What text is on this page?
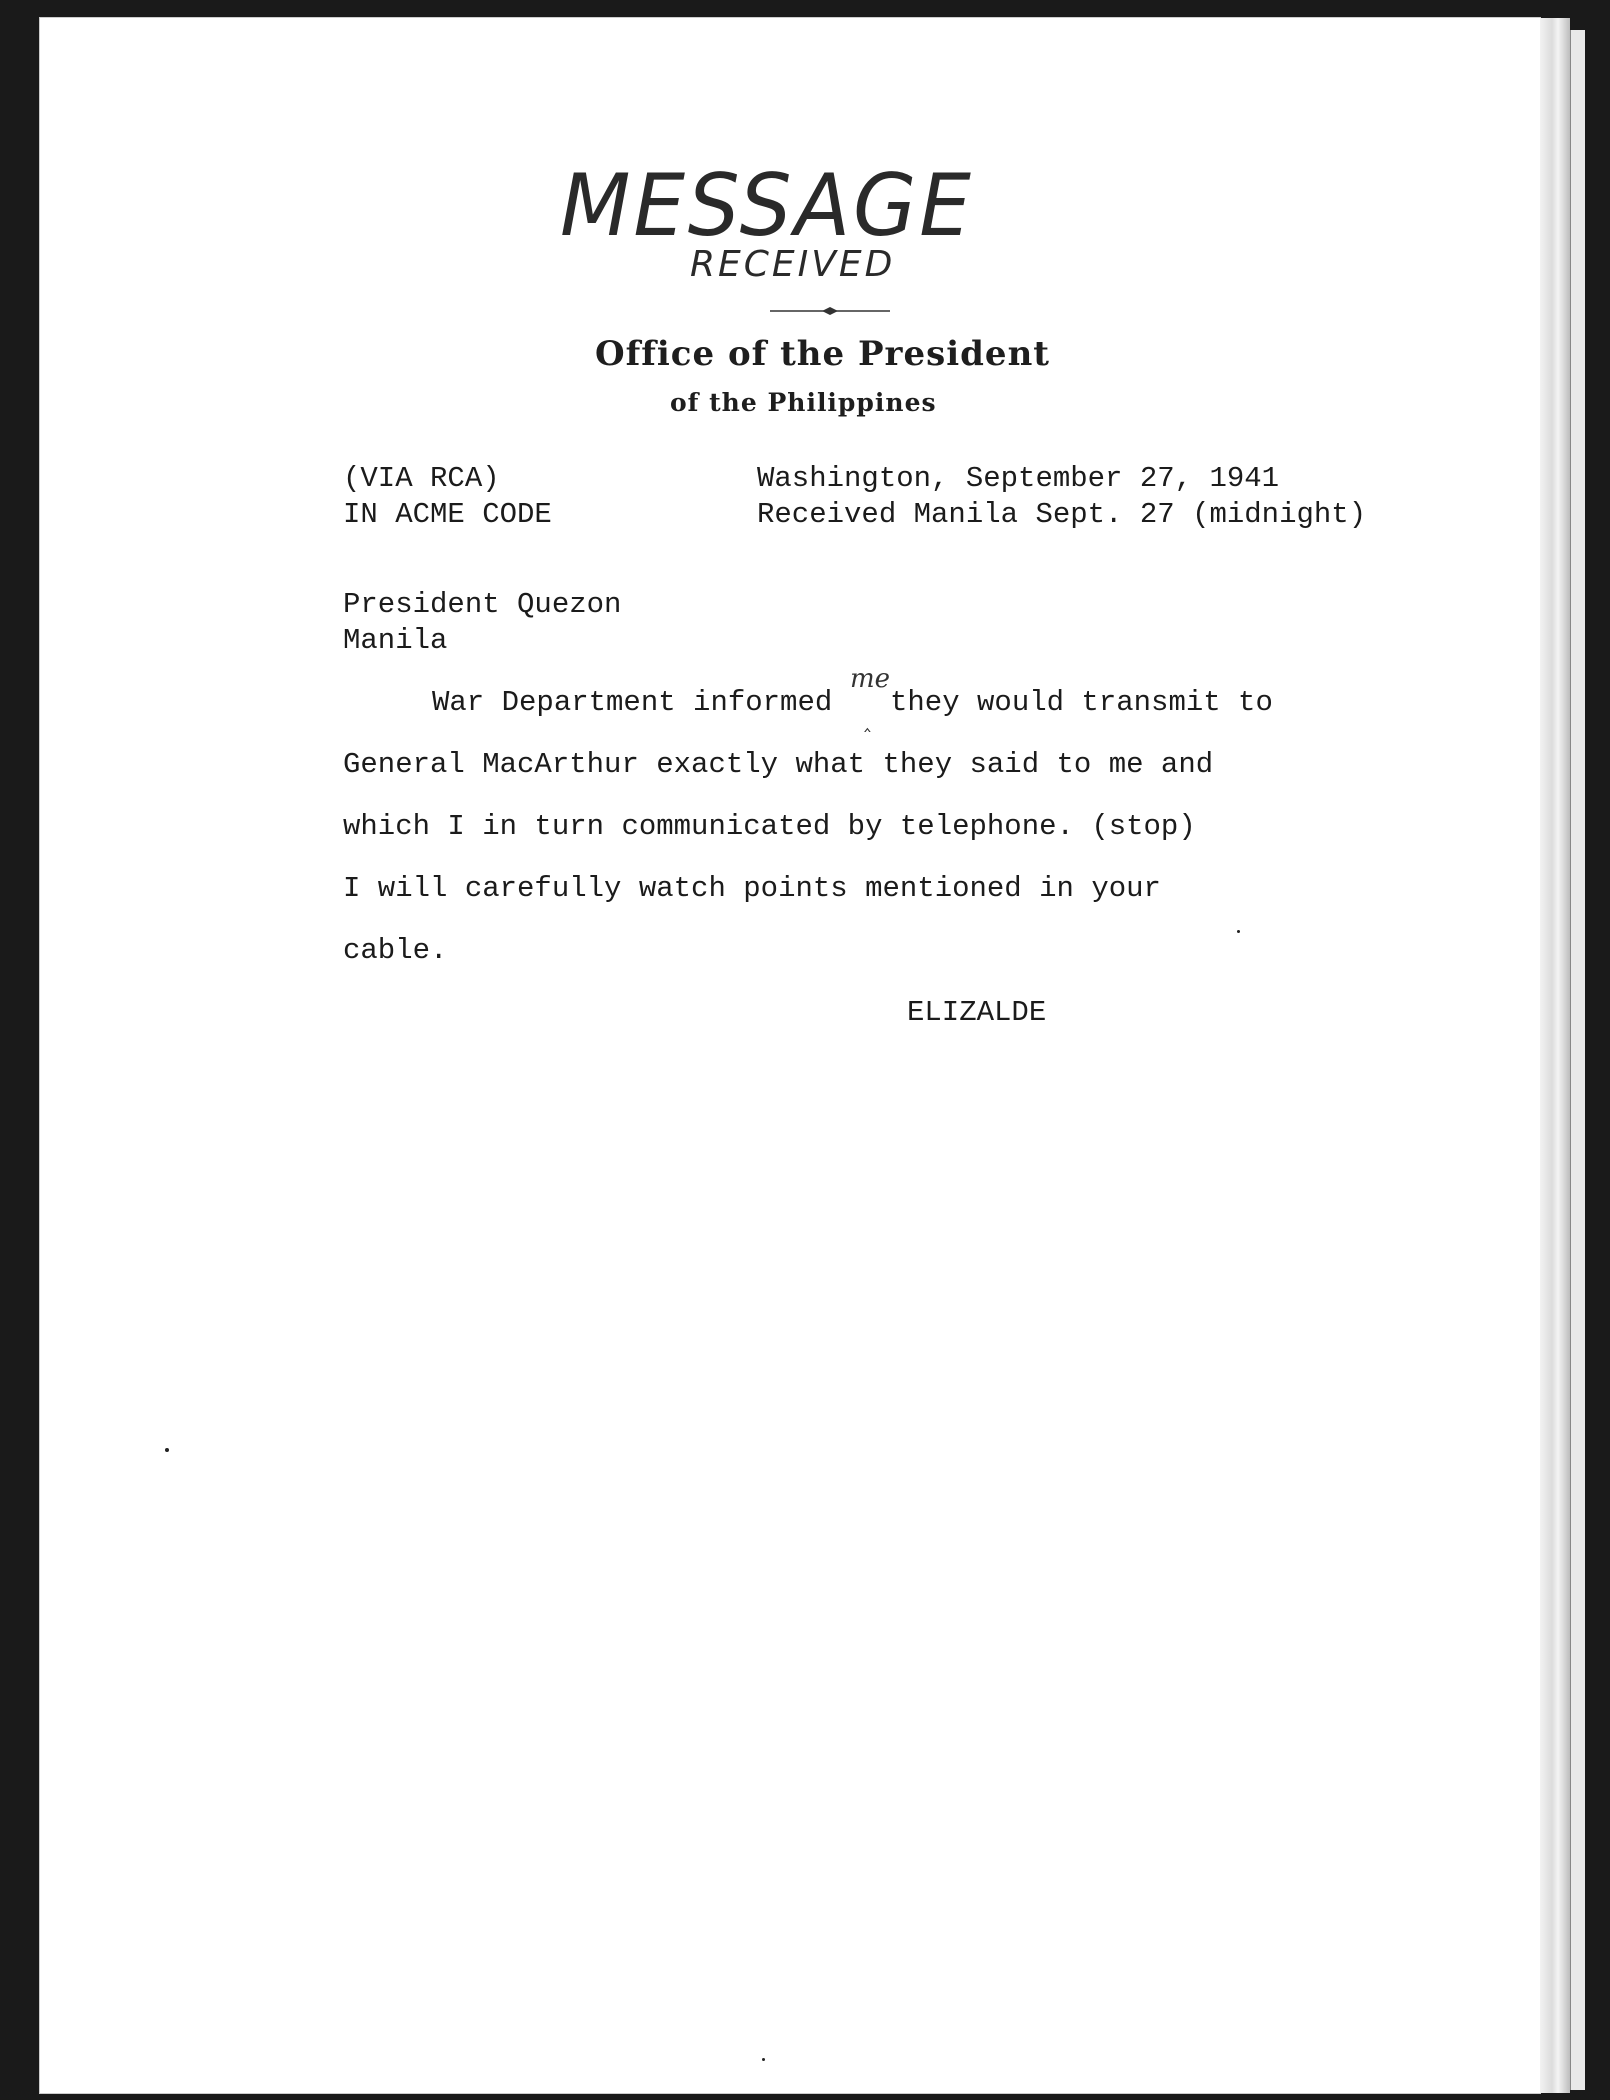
MESSAGE
RECEIVED
Office of the President
of the Philippines
(VIA RCA)
IN ACME CODE
Washington, September 27, 1941
Received Manila Sept. 27 (midnight)
President Quezon
Manila
me
‸
War Department informed they would transmit to
General MacArthur exactly what they said to me and
which I in turn communicated by telephone. (stop)
I will carefully watch points mentioned in your
cable.
ELIZALDE
